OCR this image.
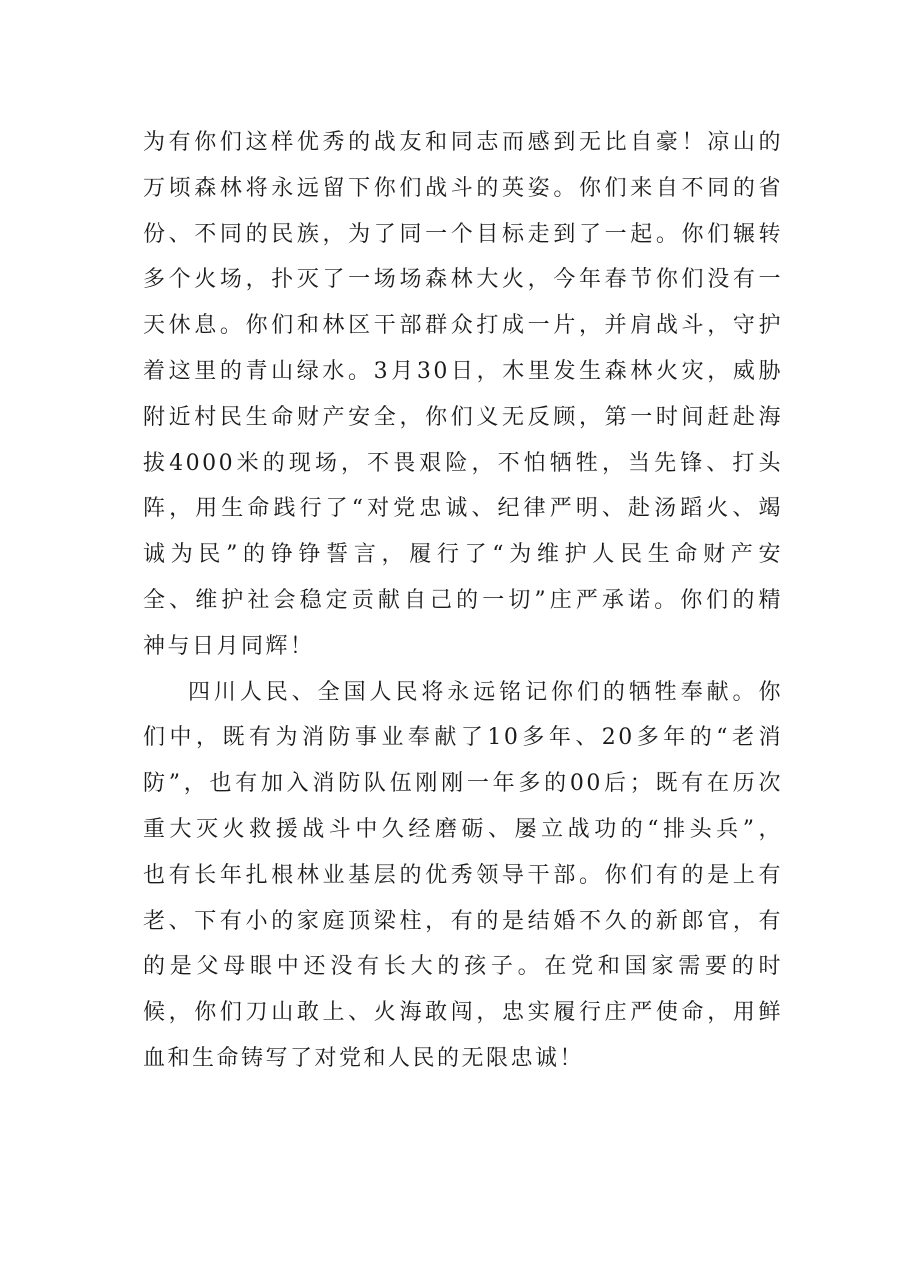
为有你们这样优秀的战友和同志而感到无比自豪！凉山的
万顷森林将永远留下你们战斗的英姿。你们来自不同的省
份、不同的民族，为了同一个目标走到了一起。你们辗转
多个火场，扑灭了一场场森林大火，今年春节你们没有一
天休息。你们和林区干部群众打成一片，并肩战斗，守护
着这里的青山绿水。3月30日，木里发生森林火灾，威胁
附近村民生命财产安全，你们义无反顾，第一时间赶赴海
拔4000米的现场，不畏艰险，不怕牺牲，当先锋、打头
阵，用生命践行了“对党忠诚、纪律严明、赴汤蹈火、竭
诚为民”的铮铮誓言，履行了“为维护人民生命财产安
全、维护社会稳定贡献自己的一切”庄严承诺。你们的精
神与日月同辉！
四川人民、全国人民将永远铭记你们的牺牲奉献。你
们中，既有为消防事业奉献了10多年、20多年的“老消
防”，也有加入消防队伍刚刚一年多的00后；既有在历次
重大灭火救援战斗中久经磨砺、屡立战功的“排头兵”，
也有长年扎根林业基层的优秀领导干部。你们有的是上有
老、下有小的家庭顶梁柱，有的是结婚不久的新郎官，有
的是父母眼中还没有长大的孩子。在党和国家需要的时
候，你们刀山敢上、火海敢闯，忠实履行庄严使命，用鲜
血和生命铸写了对党和人民的无限忠诚！
